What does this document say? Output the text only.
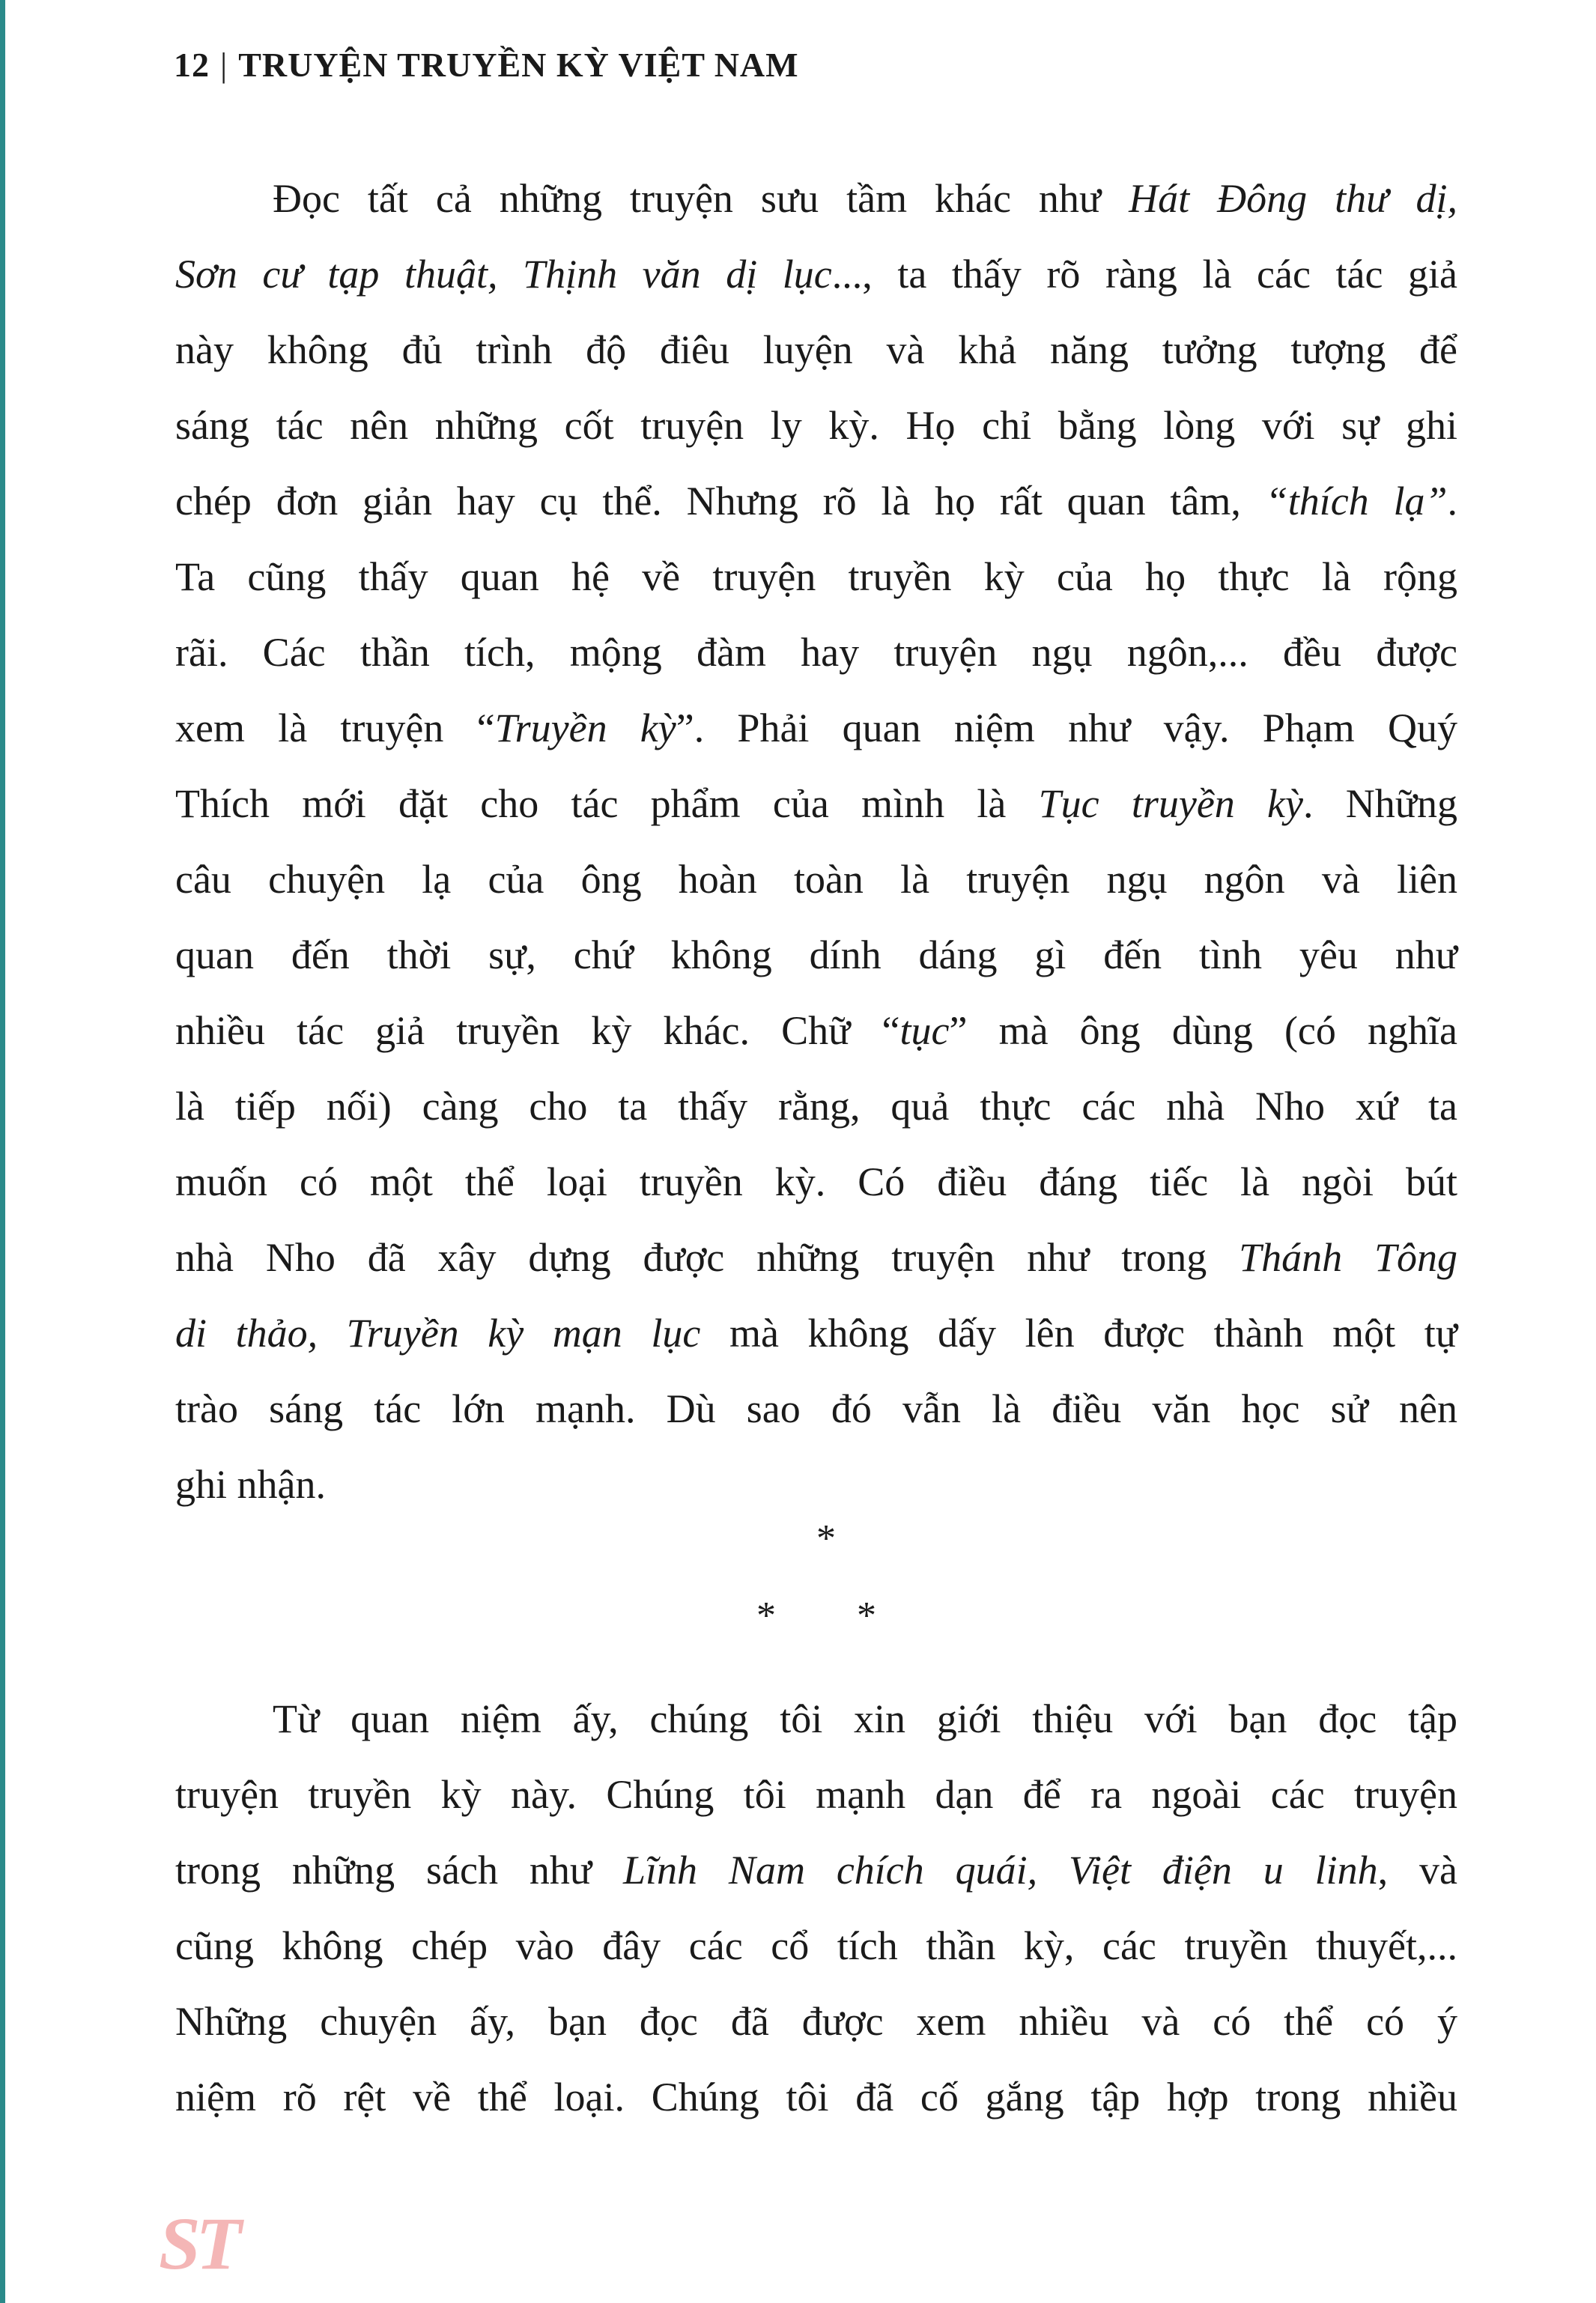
12 | TRUYỆN TRUYỀN KỲ VIỆT NAM
Đọc tất cả những truyện sưu tầm khác như Hát Đông thư dị,
Sơn cư tạp thuật, Thịnh văn dị lục..., ta thấy rõ ràng là các tác giả
này không đủ trình độ điêu luyện và khả năng tưởng tượng để
sáng tác nên những cốt truyện ly kỳ. Họ chỉ bằng lòng với sự ghi
chép đơn giản hay cụ thể. Nhưng rõ là họ rất quan tâm, “thích lạ”.
Ta cũng thấy quan hệ về truyện truyền kỳ của họ thực là rộng
rãi. Các thần tích, mộng đàm hay truyện ngụ ngôn,... đều được
xem là truyện “Truyền kỳ”. Phải quan niệm như vậy. Phạm Quý
Thích mới đặt cho tác phẩm của mình là Tục truyền kỳ. Những
câu chuyện lạ của ông hoàn toàn là truyện ngụ ngôn và liên
quan đến thời sự, chứ không dính dáng gì đến tình yêu như
nhiều tác giả truyền kỳ khác. Chữ “tục” mà ông dùng (có nghĩa
là tiếp nối) càng cho ta thấy rằng, quả thực các nhà Nho xứ ta
muốn có một thể loại truyền kỳ. Có điều đáng tiếc là ngòi bút
nhà Nho đã xây dựng được những truyện như trong Thánh Tông
di thảo, Truyền kỳ mạn lục mà không dấy lên được thành một tự
trào sáng tác lớn mạnh. Dù sao đó vẫn là điều văn học sử nên
ghi nhận.
*
* *
Từ quan niệm ấy, chúng tôi xin giới thiệu với bạn đọc tập
truyện truyền kỳ này. Chúng tôi mạnh dạn để ra ngoài các truyện
trong những sách như Lĩnh Nam chích quái, Việt điện u linh, và
cũng không chép vào đây các cổ tích thần kỳ, các truyền thuyết,...
Những chuyện ấy, bạn đọc đã được xem nhiều và có thể có ý
niệm rõ rệt về thể loại. Chúng tôi đã cố gắng tập hợp trong nhiều
ST
